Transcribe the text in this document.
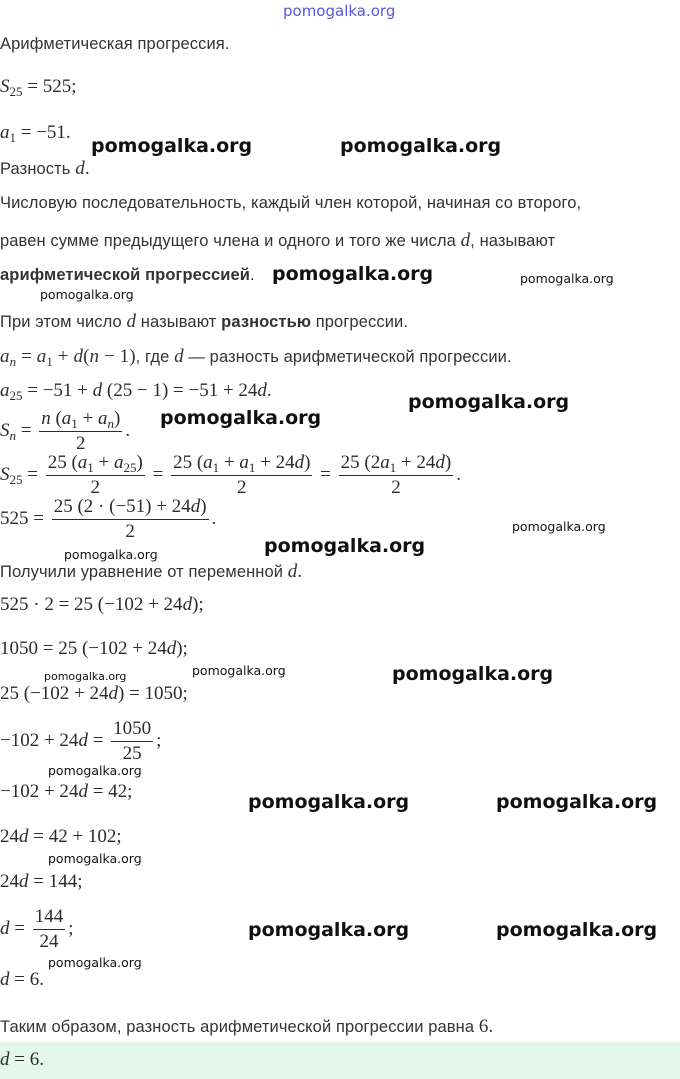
pomogalka.org
Арифметическая прогрессия.
$S_{25} = 525$;
$a_1 = -51$.
Разность d.
Числовую последовательность, каждый член которой, начиная со второго,
равен сумме предыдущего члена и одного и того же числа d, называют
арифметической прогрессией.
При этом число d называют разностью прогрессии.
$a_n = a_1 + d(n - 1)$, где d — разность арифметической прогрессии.
$a_{25} = -51 + d$ (25 − 1) = −51 + 24d.
$S_n = \frac{n (a_1 + a_n)}{2}$ .
$S_{25} = \frac{25 (a_1 + a_{25})}{2} = \frac{25 (a_1 + a_1 + 24d)}{2} = \frac{25 (2a_1 + 24d)}{2}$ .
$525 = \frac{25 (2 \cdot (-51) + 24d)}{2}$ .
Получили уравнение от переменной d.
525 · 2 = 25 (−102 + 24d);
1050 = 25 (−102 + 24d);
25 (−102 + 24d) = 1050;
$-102 + 24d = \frac{1050}{25}$ ;
−102 + 24d = 42;
24d = 42 + 102;
24d = 144;
$d = \frac{144}{24}$ ;
d = 6.
Таким образом, разность арифметической прогрессии равна 6.
d = 6.
pomogalka.org	pomogalka.org
pomogalka.org
pomogalka.org
pomogalka.org
pomogalka.org
pomogalka.org
pomogalka.org	pomogalka.org
pomogalka.org	pomogalka.org
pomogalka.org
pomogalka.org
pomogalka.org
pomogalka.org
pomogalka.org
pomogalka.org
pomogalka.org
pomogalka.org
pomogalka.org
